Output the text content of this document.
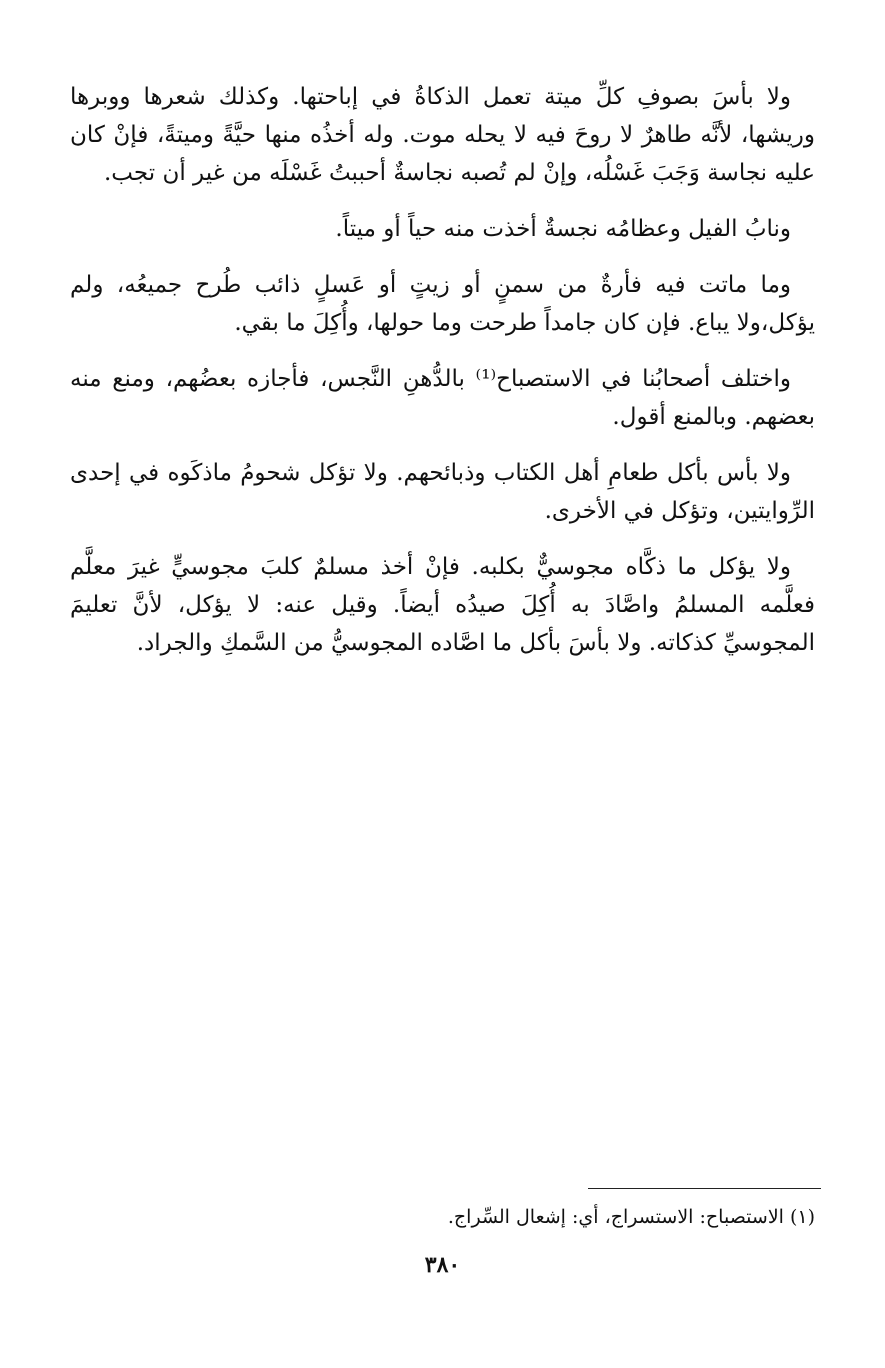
ولا بأسَ بصوفِ كلِّ ميتة تعمل الذكاةُ في إباحتها. وكذلك شعرها ووبرها وريشها، لأنَّه طاهرٌ لا روحَ فيه لا يحله موت. وله أخذُه منها حيَّةً وميتةً، فإنْ كان عليه نجاسة وَجَبَ غَسْلُه، وإنْ لم تُصبه نجاسةٌ أحببتُ غَسْلَه من غير أن تجب.

ونابُ الفيل وعظامُه نجسةٌ أخذت منه حياً أو ميتاً.

وما ماتت فيه فأرةٌ من سمنٍ أو زيتٍ أو عَسلٍ ذائب طُرح جميعُه، ولم يؤكل،ولا يباع. فإن كان جامداً طرحت وما حولها، وأُكِلَ ما بقي.

واختلف أصحابُنا في الاستصباح⁽¹⁾ بالدُّهنِ النَّجس، فأجازه بعضُهم، ومنع منه بعضهم. وبالمنع أقول.

ولا بأس بأكل طعامِ أهل الكتاب وذبائحهم. ولا تؤكل شحومُ ماذكَوه في إحدى الرِّوايتين، وتؤكل في الأخرى.

ولا يؤكل ما ذكَّاه مجوسيٌّ بكلبه. فإنْ أخذ مسلمٌ كلبَ مجوسيٍّ غيرَ معلَّم فعلَّمه المسلمُ واصَّادَ به أُكِلَ صيدُه أيضاً. وقيل عنه: لا يؤكل، لأنَّ تعليمَ المجوسيِّ كذكاته. ولا بأسَ بأكل ما اصَّاده المجوسيُّ من السَّمكِ والجراد.

(١)الاستصباح: الاستسراج، أي: إشعال السِّراج.
٣٨٠
